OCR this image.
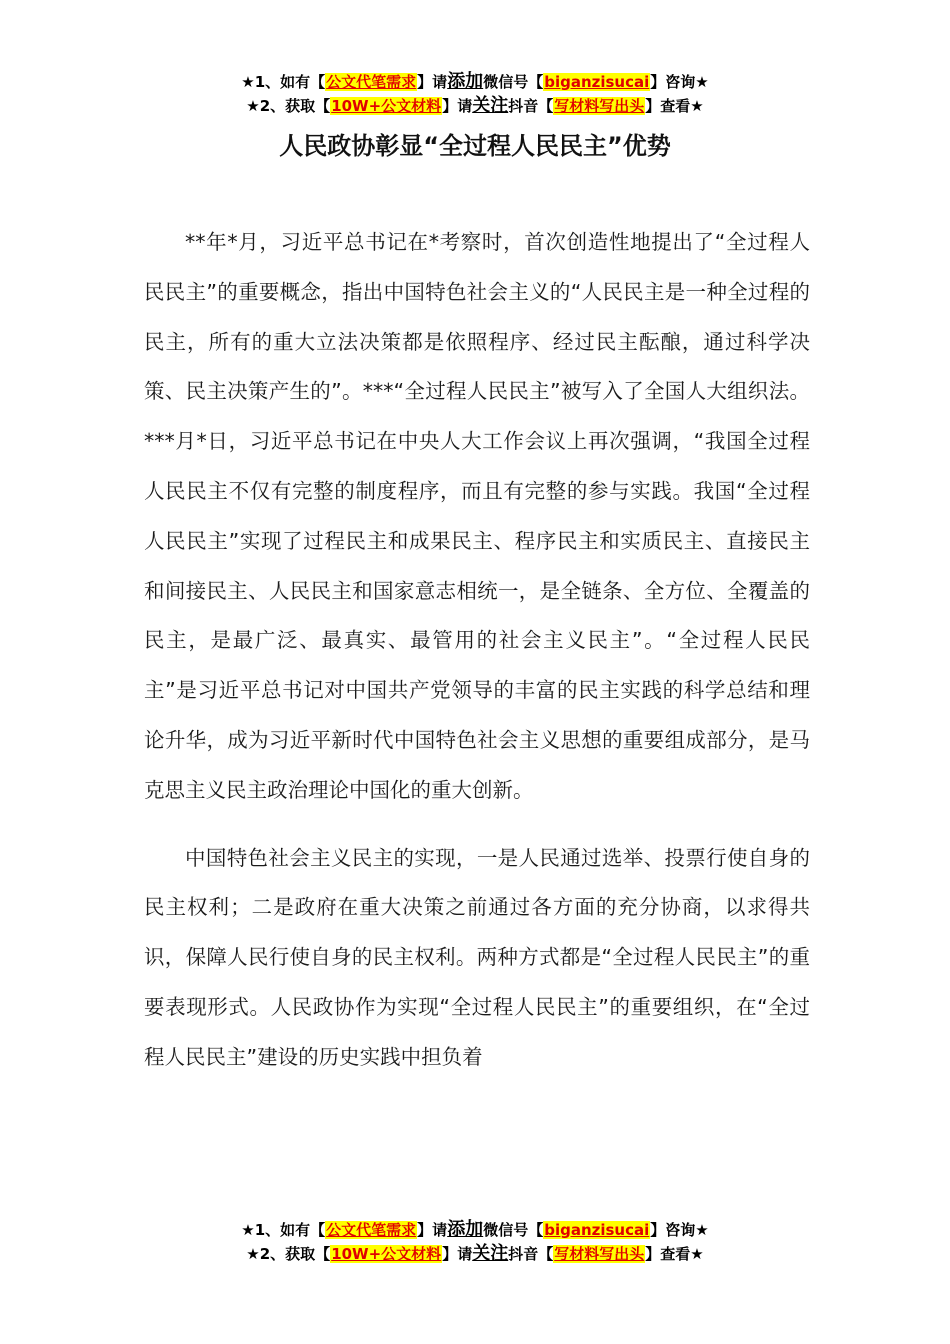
★1、如有【公文代笔需求】请添加微信号【biganzisucai】咨询★
★2、获取【10W+公文材料】请关注抖音【写材料写出头】查看★
人民政协彰显“全过程人民民主”优势

**年*月，习近平总书记在*考察时，首次创造性地提出了“全过程人民民主”的重要概念，指出中国特色社会主义的“人民民主是一种全过程的民主，所有的重大立法决策都是依照程序、经过民主酝酿，通过科学决策、民主决策产生的”。***“全过程人民民主”被写入了全国人大组织法。***月*日，习近平总书记在中央人大工作会议上再次强调，“我国全过程人民民主不仅有完整的制度程序，而且有完整的参与实践。我国“全过程人民民主”实现了过程民主和成果民主、程序民主和实质民主、直接民主和间接民主、人民民主和国家意志相统一，是全链条、全方位、全覆盖的民主，是最广泛、最真实、最管用的社会主义民主”。“全过程人民民主”是习近平总书记对中国共产党领导的丰富的民主实践的科学总结和理论升华，成为习近平新时代中国特色社会主义思想的重要组成部分，是马克思主义民主政治理论中国化的重大创新。

中国特色社会主义民主的实现，一是人民通过选举、投票行使自身的民主权利；二是政府在重大决策之前通过各方面的充分协商，以求得共识，保障人民行使自身的民主权利。两种方式都是“全过程人民民主”的重要表现形式。人民政协作为实现“全过程人民民主”的重要组织，在“全过程人民民主”建设的历史实践中担负着

★1、如有【公文代笔需求】请添加微信号【biganzisucai】咨询★
★2、获取【10W+公文材料】请关注抖音【写材料写出头】查看★
